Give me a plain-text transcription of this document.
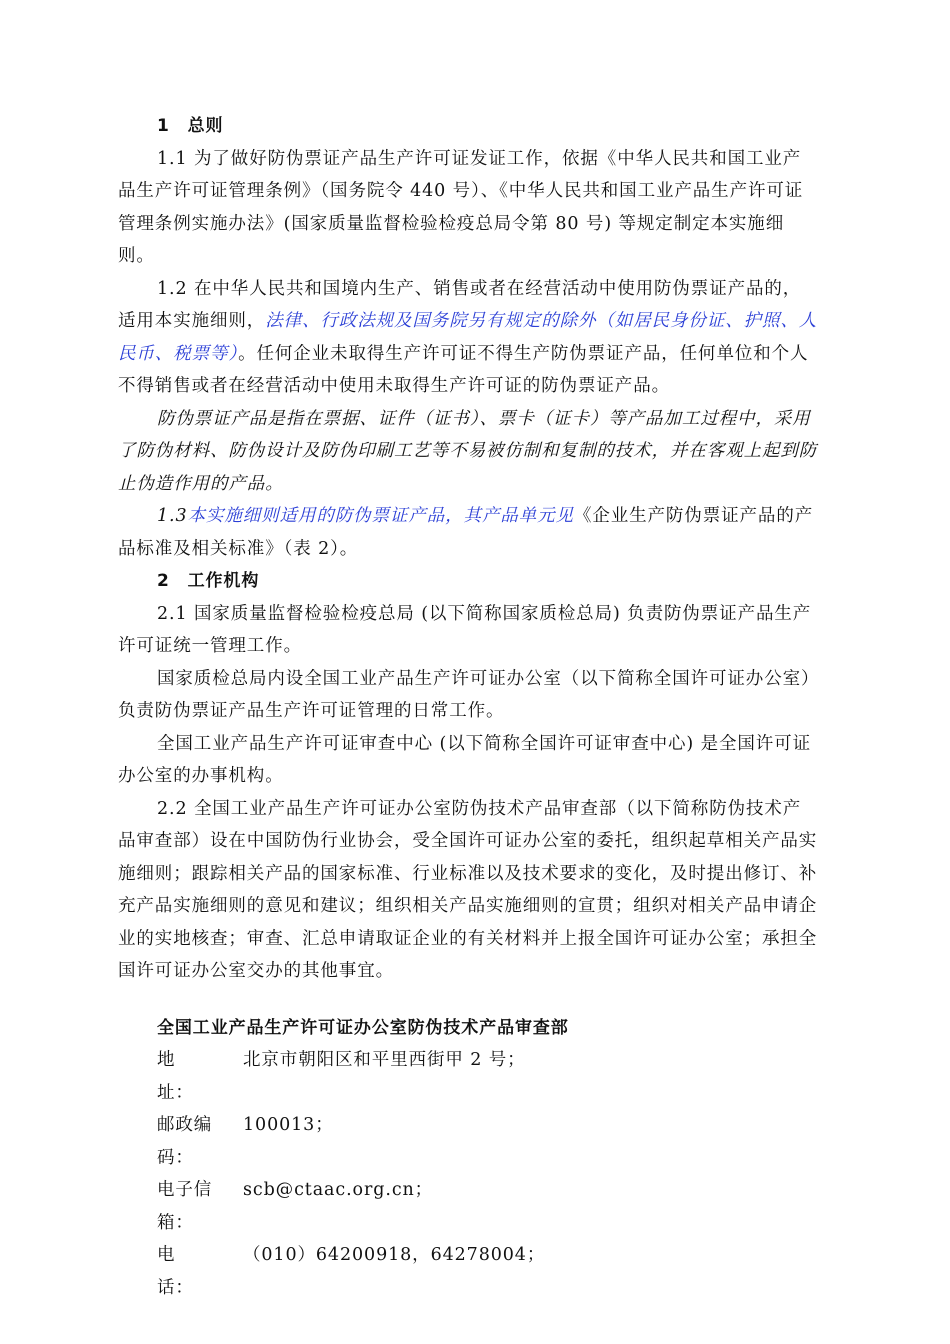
1　总则

1.1 为了做好防伪票证产品生产许可证发证工作，依据《中华人民共和国工业产品生产许可证管理条例》（国务院令 440 号）、《中华人民共和国工业产品生产许可证管理条例实施办法》(国家质量监督检验检疫总局令第 80 号) 等规定制定本实施细则。

1.2 在中华人民共和国境内生产、销售或者在经营活动中使用防伪票证产品的，适用本实施细则，法律、行政法规及国务院另有规定的除外（如居民身份证、护照、人民币、税票等）。任何企业未取得生产许可证不得生产防伪票证产品，任何单位和个人不得销售或者在经营活动中使用未取得生产许可证的防伪票证产品。

防伪票证产品是指在票据、证件（证书）、票卡（证卡）等产品加工过程中，采用了防伪材料、防伪设计及防伪印刷工艺等不易被仿制和复制的技术，并在客观上起到防止伪造作用的产品。

1.3本实施细则适用的防伪票证产品，其产品单元见《企业生产防伪票证产品的产品标准及相关标准》（表 2）。

2　工作机构

2.1 国家质量监督检验检疫总局 (以下简称国家质检总局) 负责防伪票证产品生产许可证统一管理工作。

国家质检总局内设全国工业产品生产许可证办公室（以下简称全国许可证办公室）负责防伪票证产品生产许可证管理的日常工作。

全国工业产品生产许可证审查中心 (以下简称全国许可证审查中心) 是全国许可证办公室的办事机构。

2.2 全国工业产品生产许可证办公室防伪技术产品审查部（以下简称防伪技术产品审查部）设在中国防伪行业协会，受全国许可证办公室的委托，组织起草相关产品实施细则；跟踪相关产品的国家标准、行业标准以及技术要求的变化，及时提出修订、补充产品实施细则的意见和建议；组织相关产品实施细则的宣贯；组织对相关产品申请企业的实地核查；审查、汇总申请取证企业的有关材料并上报全国许可证办公室；承担全国许可证办公室交办的其他事宜。

全国工业产品生产许可证办公室防伪技术产品审查部

地　　址：
北京市朝阳区和平里西街甲 2 号；

邮政编码：
100013；

电子信箱：
scb@ctaac.org.cn；

电　　话：
（010）64200918，64278004；
